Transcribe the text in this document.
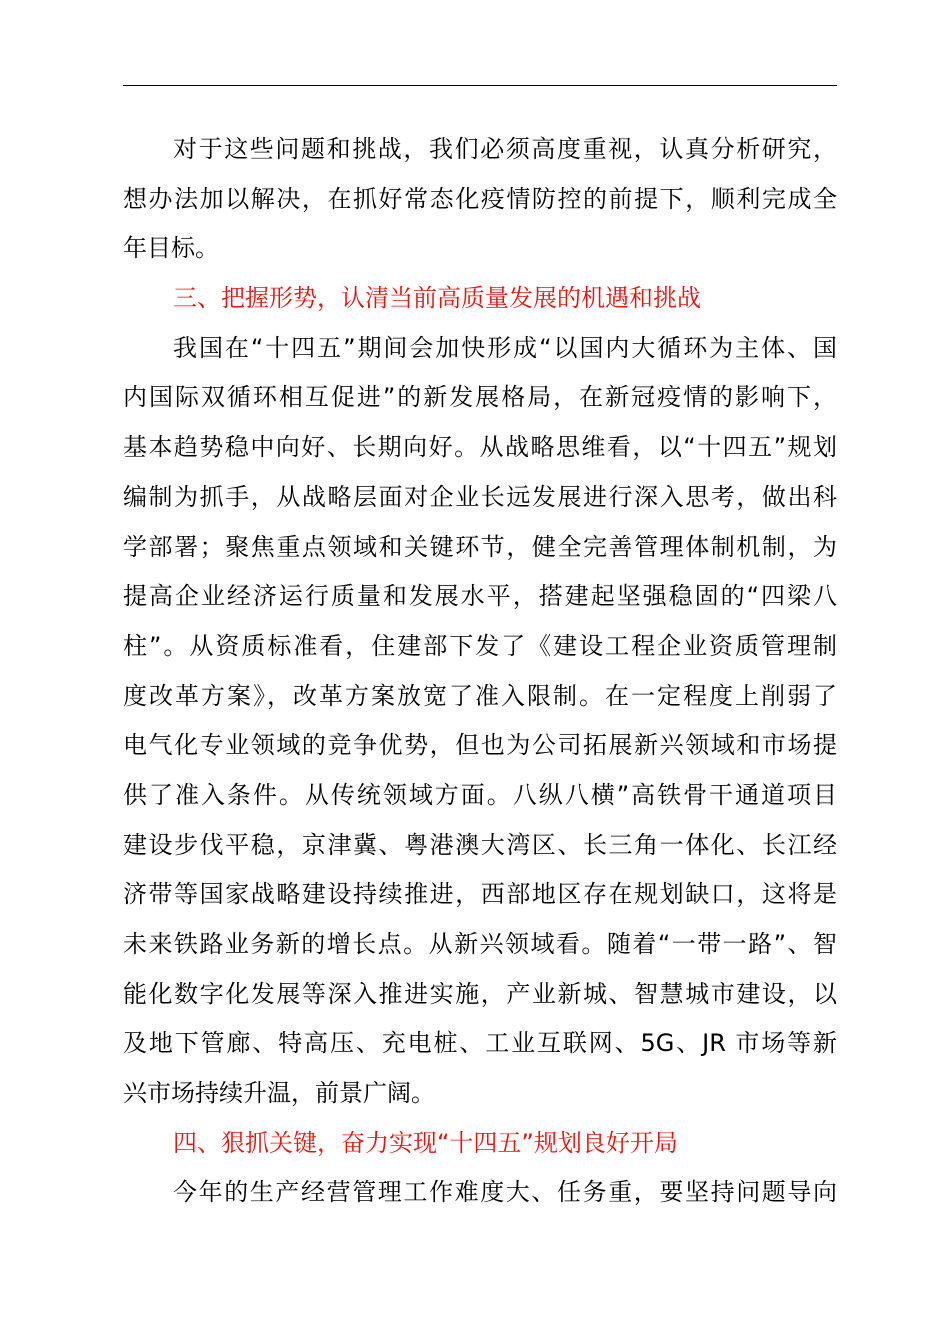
对于这些问题和挑战，我们必须高度重视，认真分析研究，
想办法加以解决，在抓好常态化疫情防控的前提下，顺利完成全
年目标。
三、把握形势，认清当前高质量发展的机遇和挑战
我国在“十四五”期间会加快形成“以国内大循环为主体、国
内国际双循环相互促进”的新发展格局，在新冠疫情的影响下，
基本趋势稳中向好、长期向好。从战略思维看，以“十四五”规划
编制为抓手，从战略层面对企业长远发展进行深入思考，做出科
学部署；聚焦重点领域和关键环节，健全完善管理体制机制，为
提高企业经济运行质量和发展水平，搭建起坚强稳固的“四梁八
柱”。从资质标准看，住建部下发了《建设工程企业资质管理制
度改革方案》，改革方案放宽了准入限制。在一定程度上削弱了
电气化专业领域的竞争优势，但也为公司拓展新兴领域和市场提
供了准入条件。从传统领域方面。八纵八横”高铁骨干通道项目
建设步伐平稳，京津冀、粤港澳大湾区、长三角一体化、长江经
济带等国家战略建设持续推进，西部地区存在规划缺口，这将是
未来铁路业务新的增长点。从新兴领域看。随着“一带一路”、智
能化数字化发展等深入推进实施，产业新城、智慧城市建设，以
及地下管廊、特高压、充电桩、工业互联网、5G、JR 市场等新
兴市场持续升温，前景广阔。
四、狠抓关键，奋力实现“十四五”规划良好开局
今年的生产经营管理工作难度大、任务重，要坚持问题导向
